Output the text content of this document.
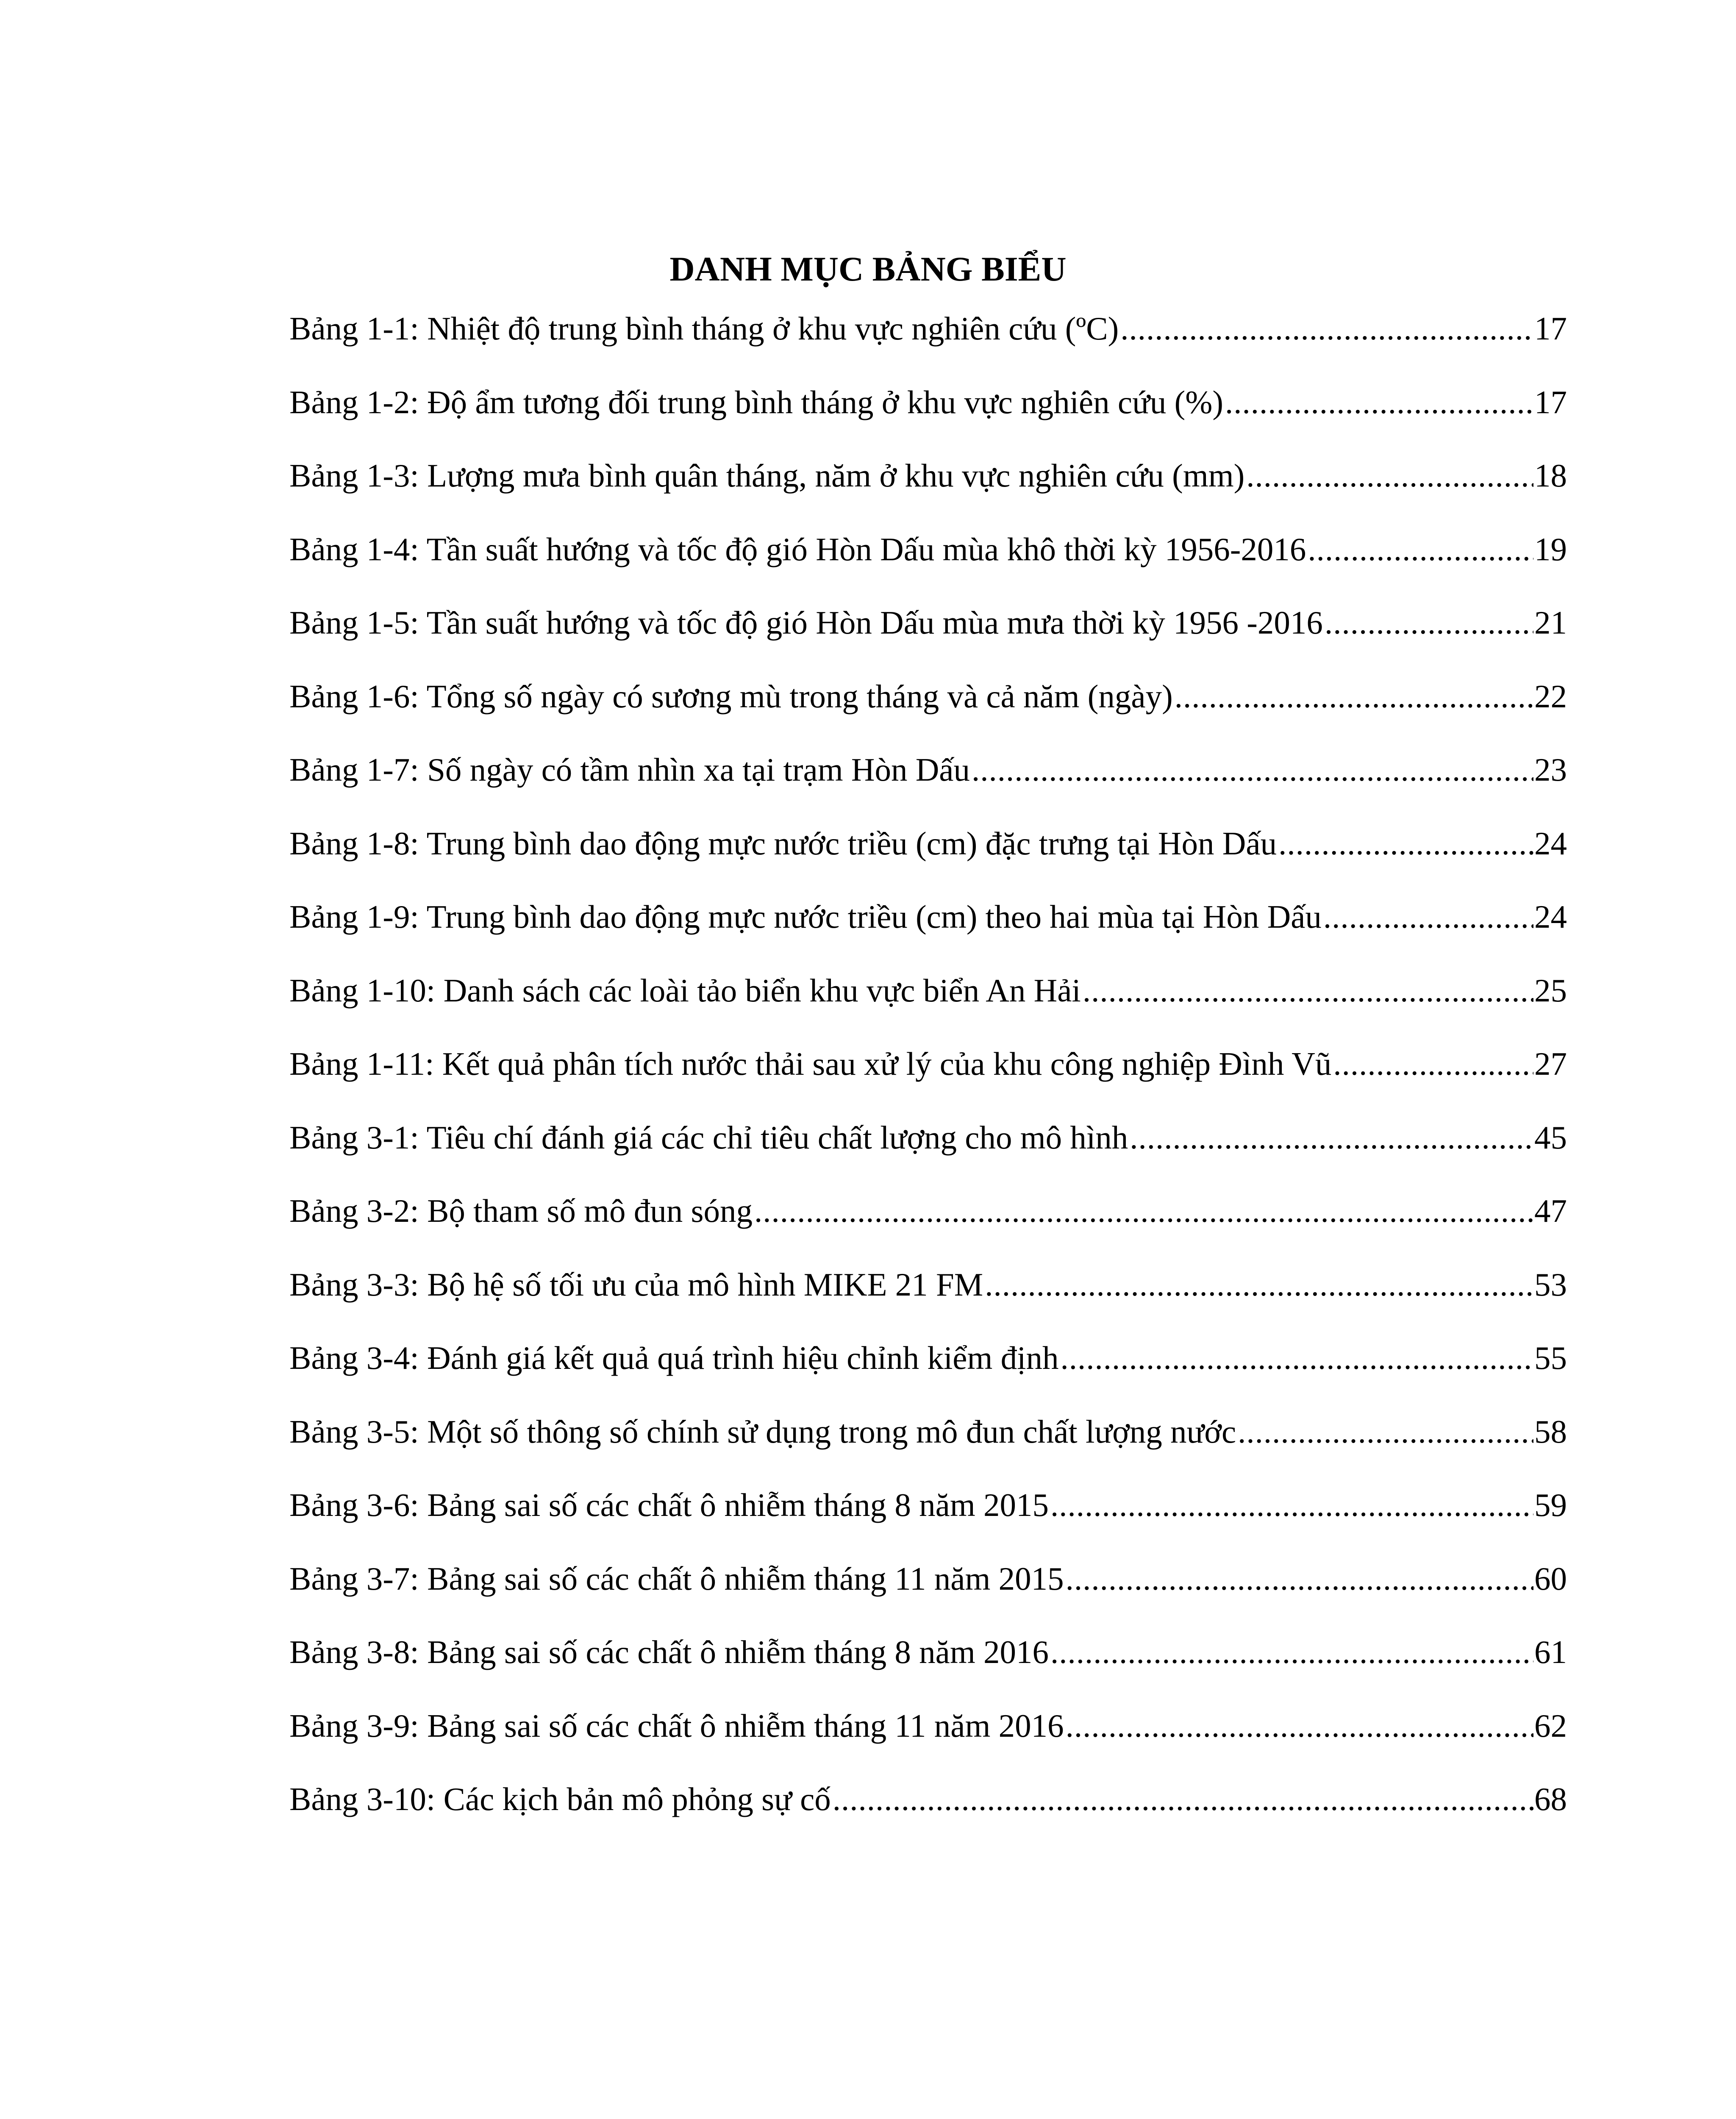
DANH MỤC BẢNG BIỂU
Bảng 1-1: Nhiệt độ trung bình tháng ở khu vực nghiên cứu (ºC) .....	17
Bảng 1-2: Độ ẩm tương đối trung bình tháng ở khu vực nghiên cứu (%) .....	17
Bảng 1-3: Lượng mưa bình quân tháng, năm ở khu vực nghiên cứu (mm) .....	18
Bảng 1-4: Tần suất hướng và tốc độ gió Hòn Dấu mùa khô thời kỳ 1956-2016 .....	19
Bảng 1-5: Tần suất hướng và tốc độ gió Hòn Dấu mùa mưa thời kỳ 1956 -2016 .....	21
Bảng 1-6: Tổng số ngày có sương mù trong tháng và cả năm (ngày) .....	22
Bảng 1-7: Số ngày có tầm nhìn xa tại trạm Hòn Dấu .....	23
Bảng 1-8: Trung bình dao động mực nước triều (cm) đặc trưng tại Hòn Dấu .....	24
Bảng 1-9: Trung bình dao động mực nước triều (cm) theo hai mùa tại Hòn Dấu .....	24
Bảng 1-10: Danh sách các loài tảo biển khu vực biển An Hải .....	25
Bảng 1-11: Kết quả phân tích nước thải sau xử lý của khu công nghiệp Đình Vũ .....	27
Bảng 3-1: Tiêu chí đánh giá các chỉ tiêu chất lượng cho mô hình .....	45
Bảng 3-2: Bộ tham số mô đun sóng .....	47
Bảng 3-3: Bộ hệ số tối ưu của mô hình MIKE 21 FM .....	53
Bảng 3-4: Đánh giá kết quả quá trình hiệu chỉnh kiểm định .....	55
Bảng 3-5: Một số thông số chính sử dụng trong mô đun chất lượng nước .....	58
Bảng 3-6: Bảng sai số các chất ô nhiễm tháng 8 năm 2015 .....	59
Bảng 3-7: Bảng sai số các chất ô nhiễm tháng 11 năm 2015 .....	60
Bảng 3-8: Bảng sai số các chất ô nhiễm tháng 8 năm 2016 .....	61
Bảng 3-9: Bảng sai số các chất ô nhiễm tháng 11 năm 2016 .....	62
Bảng 3-10: Các kịch bản mô phỏng sự cố .....	68
